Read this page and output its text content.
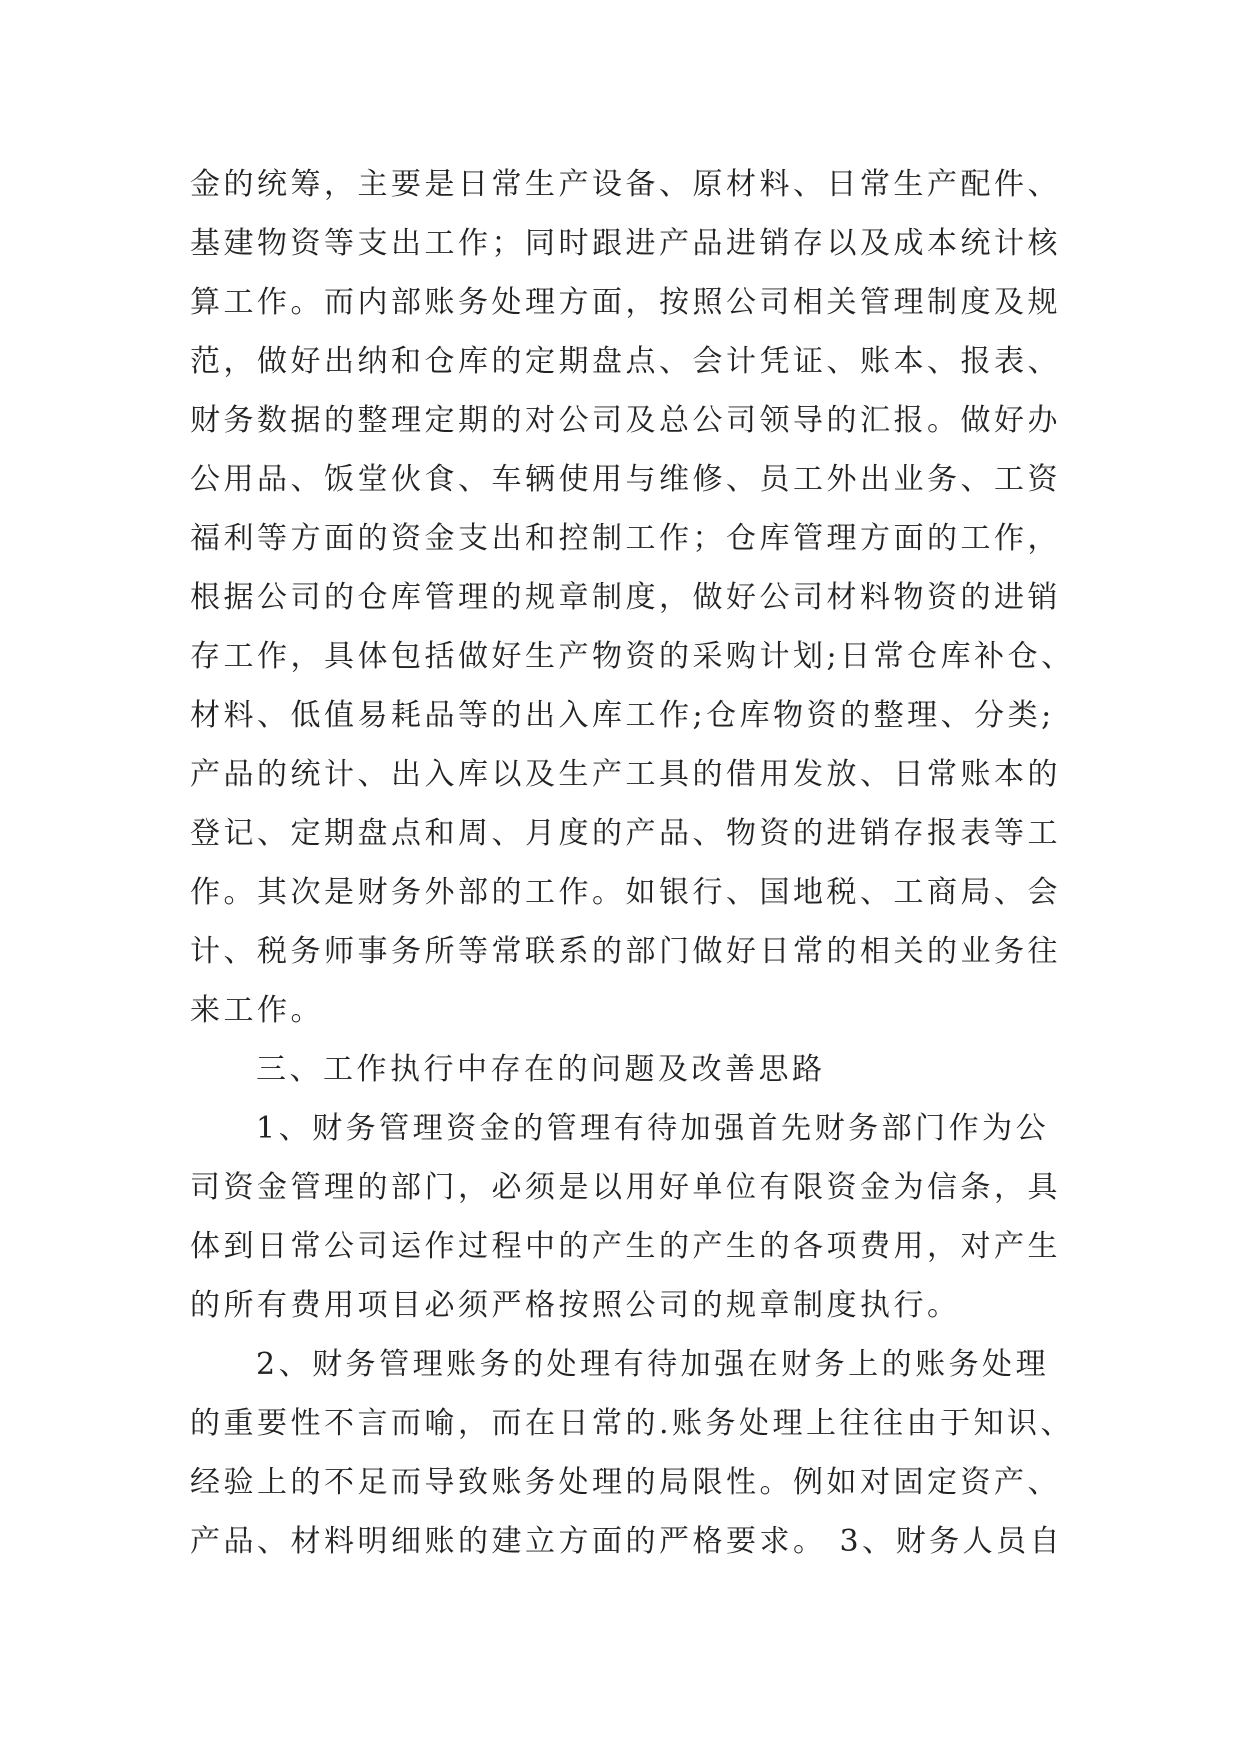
金的统筹，主要是日常生产设备、原材料、日常生产配件、
基建物资等支出工作；同时跟进产品进销存以及成本统计核
算工作。而内部账务处理方面，按照公司相关管理制度及规
范，做好出纳和仓库的定期盘点、会计凭证、账本、报表、
财务数据的整理定期的对公司及总公司领导的汇报。做好办
公用品、饭堂伙食、车辆使用与维修、员工外出业务、工资
福利等方面的资金支出和控制工作；仓库管理方面的工作，
根据公司的仓库管理的规章制度，做好公司材料物资的进销
存工作，具体包括做好生产物资的采购计划;日常仓库补仓、
材料、低值易耗品等的出入库工作;仓库物资的整理、分类;
产品的统计、出入库以及生产工具的借用发放、日常账本的
登记、定期盘点和周、月度的产品、物资的进销存报表等工
作。其次是财务外部的工作。如银行、国地税、工商局、会
计、税务师事务所等常联系的部门做好日常的相关的业务往
来工作。
三、工作执行中存在的问题及改善思路
1、财务管理资金的管理有待加强首先财务部门作为公
司资金管理的部门，必须是以用好单位有限资金为信条，具
体到日常公司运作过程中的产生的产生的各项费用，对产生
的所有费用项目必须严格按照公司的规章制度执行。
2、财务管理账务的处理有待加强在财务上的账务处理
的重要性不言而喻，而在日常的.账务处理上往往由于知识、
经验上的不足而导致账务处理的局限性。例如对固定资产、
产品、材料明细账的建立方面的严格要求。 3、财务人员自
